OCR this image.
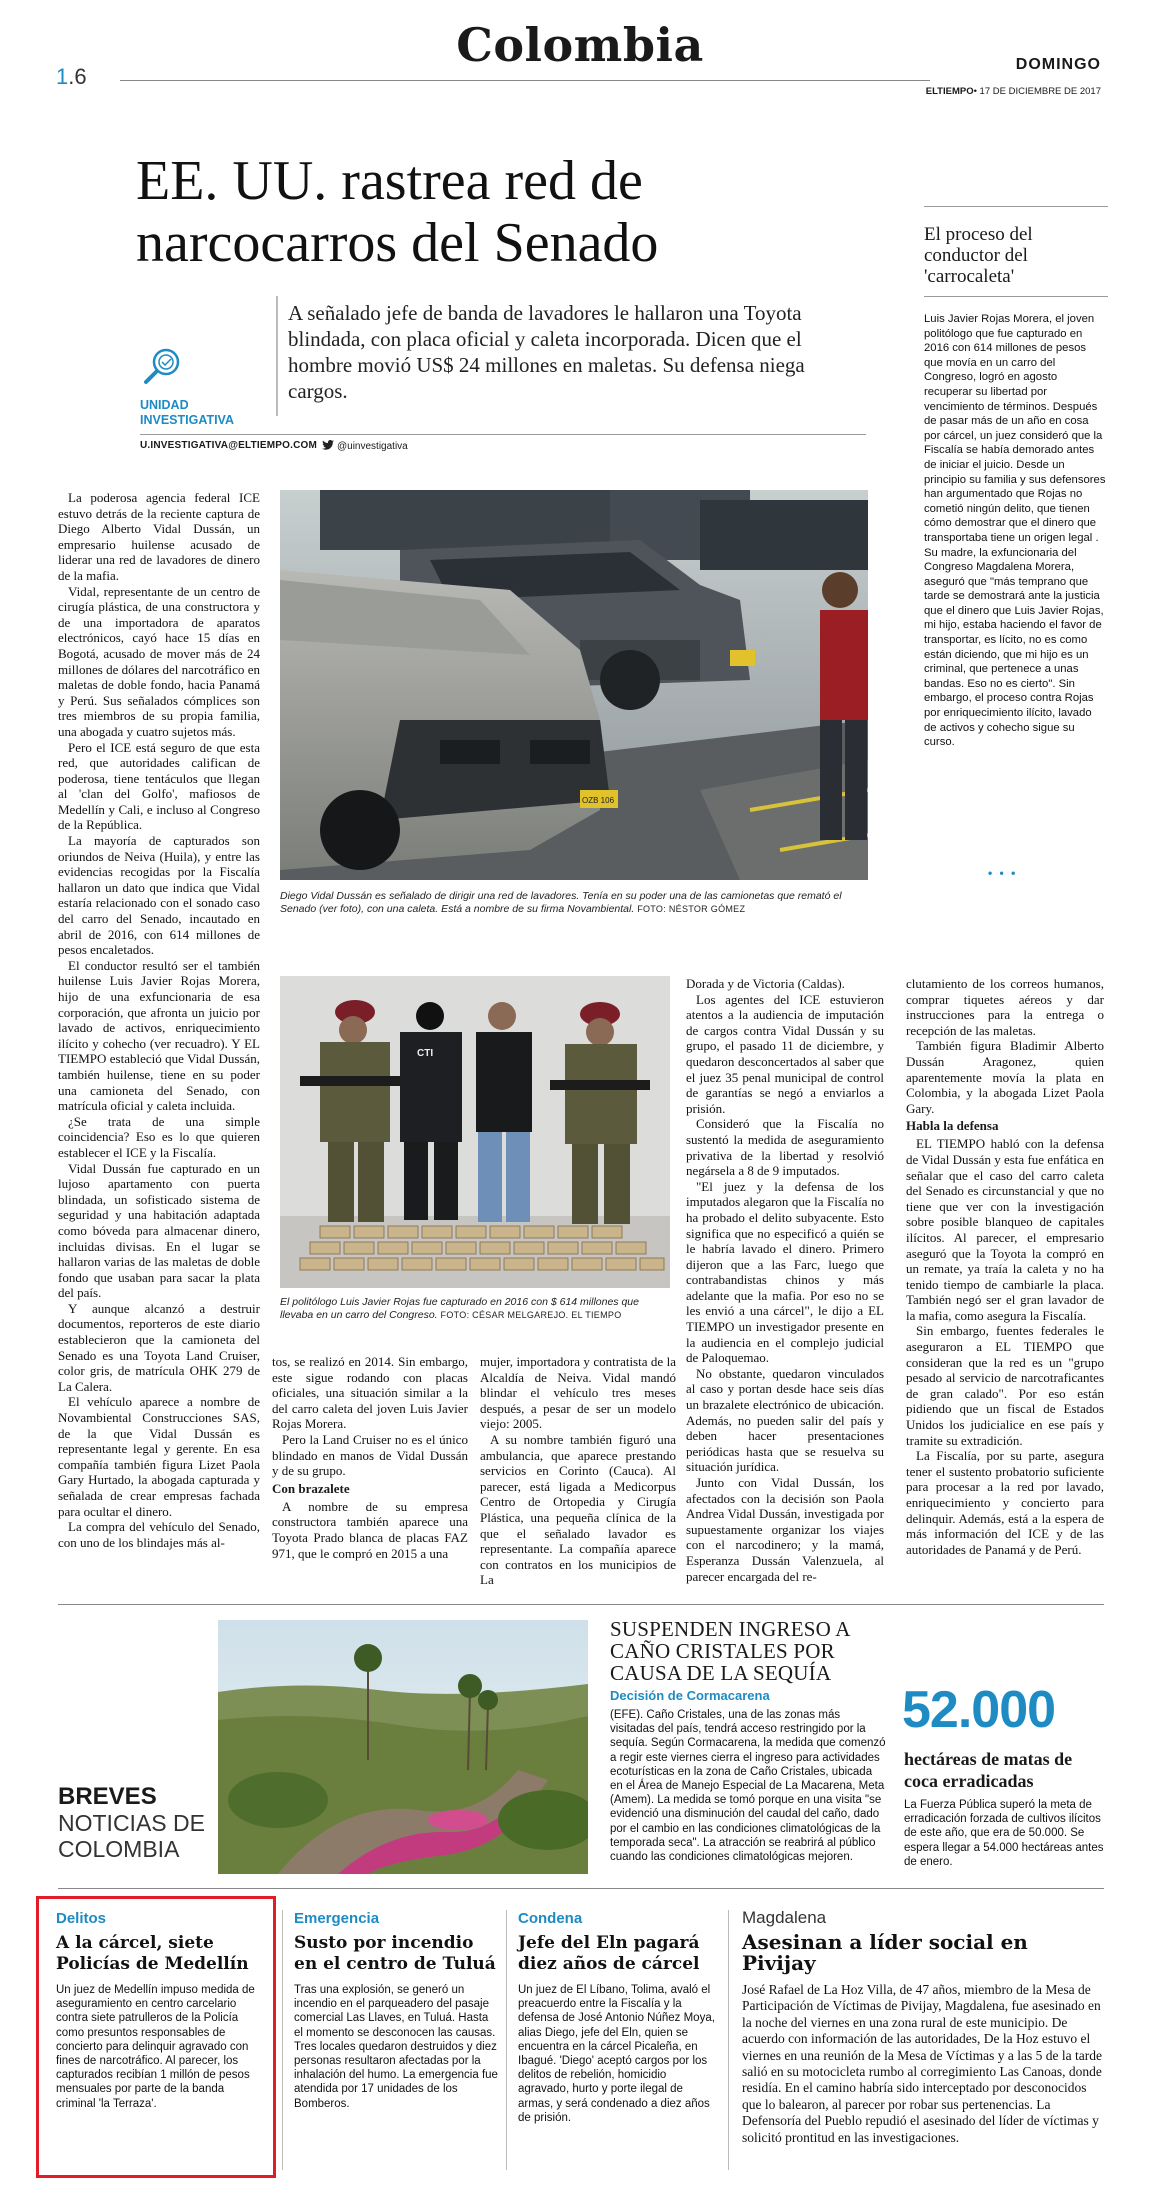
1.6
Colombia	DOMINGO
ELTIEMPO• 17 DE DICIEMBRE DE 2017
EE. UU. rastrea red de
narcocarros del Senado
A señalado jefe de banda de lavadores le hallaron una Toyota blindada, con placa oficial y caleta incorporada. Dicen que el hombre movió US$ 24 millones en maletas. Su defensa niega cargos.
UNIDAD
INVESTIGATIVA
U.INVESTIGATIVA@ELTIEMPO.COM	@uinvestigativa
El proceso del conductor del 'carrocaleta'
Luis Javier Rojas Morera, el joven politólogo que fue capturado en 2016 con 614 millones de pesos que movía en un carro del Congreso, logró en agosto recuperar su libertad por vencimiento de términos. Después de pasar más de un año en cosa por cárcel, un juez consideró que la Fiscalía se había demorado antes de iniciar el juicio. Desde un principio su familia y sus defensores han argumentado que Rojas no cometió ningún delito, que tienen cómo demostrar que el dinero que transportaba tiene un origen legal . Su madre, la exfuncionaria del Congreso Magdalena Morera, aseguró que "más temprano que tarde se demostrará ante la justicia que el dinero que Luis Javier Rojas, mi hijo, estaba haciendo el favor de transportar, es lícito, no es como están diciendo, que mi hijo es un criminal, que pertenece a unas bandas. Eso no es cierto". Sin embargo, el proceso contra Rojas por enriquecimiento ilícito, lavado de activos y cohecho sigue su curso.
• • •
OZB 106
Diego Vidal Dussán es señalado de dirigir una red de lavadores. Tenía en su poder una de las camionetas que remató el Senado (ver foto), con una caleta. Está a nombre de su firma Novambiental. FOTO: NÉSTOR GÓMEZ
CTI
El politólogo Luis Javier Rojas fue capturado en 2016 con $ 614 millones que llevaba en un carro del Congreso. FOTO: CÉSAR MELGAREJO. EL TIEMPO

La poderosa agencia federal ICE estuvo detrás de la reciente captura de Diego Alberto Vidal Dussán, un empresario huilense acusado de liderar una red de lavadores de dinero de la mafia.

Vidal, representante de un centro de cirugía plástica, de una constructora y de una importadora de aparatos electrónicos, cayó hace 15 días en Bogotá, acusado de mover más de 24 millones de dólares del narcotráfico en maletas de doble fondo, hacia Panamá y Perú. Sus señalados cómplices son tres miembros de su propia familia, una abogada y cuatro sujetos más.

Pero el ICE está seguro de que esta red, que autoridades califican de poderosa, tiene tentáculos que llegan al 'clan del Golfo', mafiosos de Medellín y Cali, e incluso al Congreso de la República.

La mayoría de capturados son oriundos de Neiva (Huila), y entre las evidencias recogidas por la Fiscalía hallaron un dato que indica que Vidal estaría relacionado con el sonado caso del carro del Senado, incautado en abril de 2016, con 614 millones de pesos encaletados.

El conductor resultó ser el también huilense Luis Javier Rojas Morera, hijo de una exfuncionaria de esa corporación, que afronta un juicio por lavado de activos, enriquecimiento ilícito y cohecho (ver recuadro). Y EL TIEMPO estableció que Vidal Dussán, también huilense, tiene en su poder una camioneta del Senado, con matrícula oficial y caleta incluida.

¿Se trata de una simple coincidencia? Eso es lo que quieren establecer el ICE y la Fiscalía.

Vidal Dussán fue capturado en un lujoso apartamento con puerta blindada, un sofisticado sistema de seguridad y una habitación adaptada como bóveda para almacenar dinero, incluidas divisas. En el lugar se hallaron varias de las maletas de doble fondo que usaban para sacar la plata del país.

Y aunque alcanzó a destruir documentos, reporteros de este diario establecieron que la camioneta del Senado es una Toyota Land Cruiser, color gris, de matrícula OHK 279 de La Calera.

El vehículo aparece a nombre de Novambiental Construcciones SAS, de la que Vidal Dussán es representante legal y gerente. En esa compañía también figura Lizet Paola Gary Hurtado, la abogada capturada y señalada de crear empresas fachada para ocultar el dinero.

La compra del vehículo del Senado, con uno de los blindajes más al-

tos, se realizó en 2014. Sin embargo, este sigue rodando con placas oficiales, una situación similar a la del carro caleta del joven Luis Javier Rojas Morera.

Pero la Land Cruiser no es el único blindado en manos de Vidal Dussán y de su grupo.

Con brazalete

A nombre de su empresa constructora también aparece una Toyota Prado blanca de placas FAZ 971, que le compró en 2015 a una

mujer, importadora y contratista de la Alcaldía de Neiva. Vidal mandó blindar el vehículo tres meses después, a pesar de ser un modelo viejo: 2005.

A su nombre también figuró una ambulancia, que aparece prestando servicios en Corinto (Cauca). Al parecer, está ligada a Medicorpus Centro de Ortopedia y Cirugía Plástica, una pequeña clínica de la que el señalado lavador es representante. La compañía aparece con contratos en los municipios de La

Dorada y de Victoria (Caldas).

Los agentes del ICE estuvieron atentos a la audiencia de imputación de cargos contra Vidal Dussán y su grupo, el pasado 11 de diciembre, y quedaron desconcertados al saber que el juez 35 penal municipal de control de garantías se negó a enviarlos a prisión.

Consideró que la Fiscalía no sustentó la medida de aseguramiento privativa de la libertad y resolvió negársela a 8 de 9 imputados.

"El juez y la defensa de los imputados alegaron que la Fiscalía no ha probado el delito subyacente. Esto significa que no especificó a quién se le habría lavado el dinero. Primero dijeron que a las Farc, luego que contrabandistas chinos y más adelante que la mafia. Por eso no se les envió a una cárcel", le dijo a EL TIEMPO un investigador presente en la audiencia en el complejo judicial de Paloquemao.

No obstante, quedaron vinculados al caso y portan desde hace seis días un brazalete electrónico de ubicación. Además, no pueden salir del país y deben hacer presentaciones periódicas hasta que se resuelva su situación jurídica.

Junto con Vidal Dussán, los afectados con la decisión son Paola Andrea Vidal Dussán, investigada por supuestamente organizar los viajes con el narcodinero; y la mamá, Esperanza Dussán Valenzuela, al parecer encargada del re-

clutamiento de los correos humanos, comprar tiquetes aéreos y dar instrucciones para la entrega o recepción de las maletas.

También figura Bladimir Alberto Dussán Aragonez, quien aparentemente movía la plata en Colombia, y la abogada Lizet Paola Gary.

Habla la defensa

EL TIEMPO habló con la defensa de Vidal Dussán y esta fue enfática en señalar que el caso del carro caleta del Senado es circunstancial y que no tiene que ver con la investigación sobre posible blanqueo de capitales ilícitos. Al parecer, el empresario aseguró que la Toyota la compró en un remate, ya traía la caleta y no ha tenido tiempo de cambiarle la placa. También negó ser el gran lavador de la mafia, como asegura la Fiscalía.

Sin embargo, fuentes federales le aseguraron a EL TIEMPO que consideran que la red es un "grupo pesado al servicio de narcotraficantes de gran calado". Por eso están pidiendo que un fiscal de Estados Unidos los judicialice en ese país y tramite su extradición.

La Fiscalía, por su parte, asegura tener el sustento probatorio suficiente para procesar a la red por lavado, enriquecimiento y concierto para delinquir. Además, está a la espera de más información del ICE y de las autoridades de Panamá y de Perú.

BREVES
NOTICIAS DE
COLOMBIA
SUSPENDEN INGRESO A CAÑO CRISTALES POR CAUSA DE LA SEQUÍA
Decisión de Cormacarena
(EFE). Caño Cristales, una de las zonas más visitadas del país, tendrá acceso restringido por la sequía. Según Cormacarena, la medida que comenzó a regir este viernes cierra el ingreso para actividades ecoturísticas en la zona de Caño Cristales, ubicada en el Área de Manejo Especial de La Macarena, Meta (Amem). La medida se tomó porque en una visita "se evidenció una disminución del caudal del caño, dado por el cambio en las condiciones climatológicas de la temporada seca". La atracción se reabrirá al público cuando las condiciones climatológicas mejoren.
52.000
hectáreas de matas de coca erradicadas
La Fuerza Pública superó la meta de erradicación forzada de cultivos ilícitos de este año, que era de 50.000. Se espera llegar a 54.000 hectáreas antes de enero.
Delitos
A la cárcel, siete Policías de Medellín
Un juez de Medellín impuso medida de aseguramiento en centro carcelario contra siete patrulleros de la Policía como presuntos responsables de concierto para delinquir agravado con fines de narcotráfico. Al parecer, los capturados recibían 1 millón de pesos mensuales por parte de la banda criminal 'la Terraza'.
Emergencia
Susto por incendio en el centro de Tuluá
Tras una explosión, se generó un incendio en el parqueadero del pasaje comercial Las Llaves, en Tuluá. Hasta el momento se desconocen las causas. Tres locales quedaron destruidos y diez personas resultaron afectadas por la inhalación del humo. La emergencia fue atendida por 17 unidades de los Bomberos.
Condena
Jefe del Eln pagará diez años de cárcel
Un juez de El Líbano, Tolima, avaló el preacuerdo entre la Fiscalía y la defensa de José Antonio Núñez Moya, alias Diego, jefe del Eln, quien se encuentra en la cárcel Picaleña, en Ibagué. 'Diego' aceptó cargos por los delitos de rebelión, homicidio agravado, hurto y porte ilegal de armas, y será condenado a diez años de prisión.
Magdalena
Asesinan a líder social en Pivijay
José Rafael de La Hoz Villa, de 47 años, miembro de la Mesa de Participación de Víctimas de Pivijay, Magdalena, fue asesinado en la noche del viernes en una zona rural de este municipio. De acuerdo con información de las autoridades, De la Hoz estuvo el viernes en una reunión de la Mesa de Víctimas y a las 5 de la tarde salió en su motocicleta rumbo al corregimiento Las Canoas, donde residía. En el camino habría sido interceptado por desconocidos que lo balearon, al parecer por robar sus pertenencias. La Defensoría del Pueblo repudió el asesinado del líder de víctimas y solicitó prontitud en las investigaciones.
